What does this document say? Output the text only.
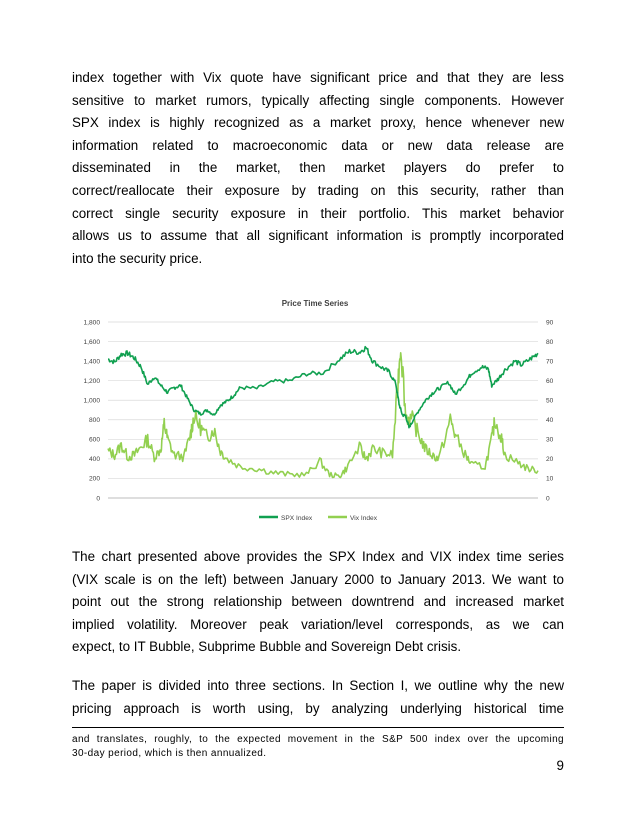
index together with Vix quote have significant price and that they are less
sensitive to market rumors, typically affecting single components. However
SPX index is highly recognized as a market proxy, hence whenever new
information related to macroeconomic data or new data release are
disseminated in the market, then market players do prefer to
correct/reallocate their exposure by trading on this security, rather than
correct single security exposure in their portfolio. This market behavior
allows us to assume that all significant information is promptly incorporated
into the security price.

Price Time Series
0
200
400
600
800
1,000
1,200
1,400
1,600
1,800
0
10
20
30
40
50
60
70
80
90
SPX Index	Vix Index

The chart presented above provides the SPX Index and VIX index time series
(VIX scale is on the left) between January 2000 to January 2013. We want to
point out the strong relationship between downtrend and increased market
implied volatility. Moreover peak variation/level corresponds, as we can
expect, to IT Bubble, Subprime Bubble and Sovereign Debt crisis.

The paper is divided into three sections. In Section I, we outline why the new
pricing approach is worth using, by analyzing underlying historical time

and translates, roughly, to the expected movement in the S&P 500 index over the upcoming
30-day period, which is then annualized.
9
